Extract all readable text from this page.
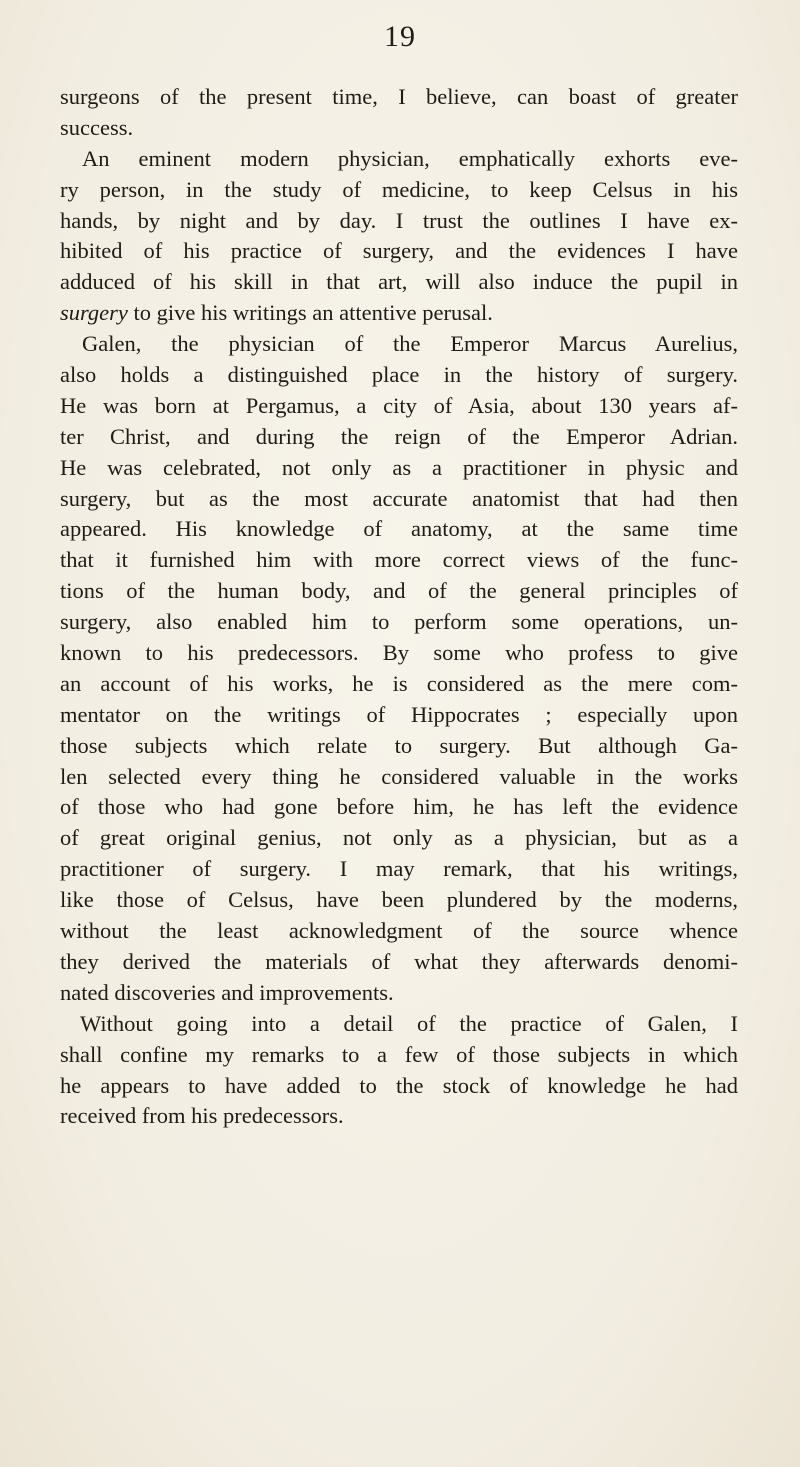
19
surgeons of the present time, I believe, can boast of greater
success.
An eminent modern physician, emphatically exhorts eve-
ry person, in the study of medicine, to keep Celsus in his
hands, by night and by day. I trust the outlines I have ex-
hibited of his practice of surgery, and the evidences I have
adduced of his skill in that art, will also induce the pupil in
surgery to give his writings an attentive perusal.
Galen, the physician of the Emperor Marcus Aurelius,
also holds a distinguished place in the history of surgery.
He was born at Pergamus, a city of Asia, about 130 years af-
ter Christ, and during the reign of the Emperor Adrian.
He was celebrated, not only as a practitioner in physic and
surgery, but as the most accurate anatomist that had then
appeared. His knowledge of anatomy, at the same time
that it furnished him with more correct views of the func-
tions of the human body, and of the general principles of
surgery, also enabled him to perform some operations, un-
known to his predecessors. By some who profess to give
an account of his works, he is considered as the mere com-
mentator on the writings of Hippocrates ; especially upon
those subjects which relate to surgery. But although Ga-
len selected every thing he considered valuable in the works
of those who had gone before him, he has left the evidence
of great original genius, not only as a physician, but as a
practitioner of surgery. I may remark, that his writings,
like those of Celsus, have been plundered by the moderns,
without the least acknowledgment of the source whence
they derived the materials of what they afterwards denomi-
nated discoveries and improvements.
Without going into a detail of the practice of Galen, I
shall confine my remarks to a few of those subjects in which
he appears to have added to the stock of knowledge he had
received from his predecessors.
